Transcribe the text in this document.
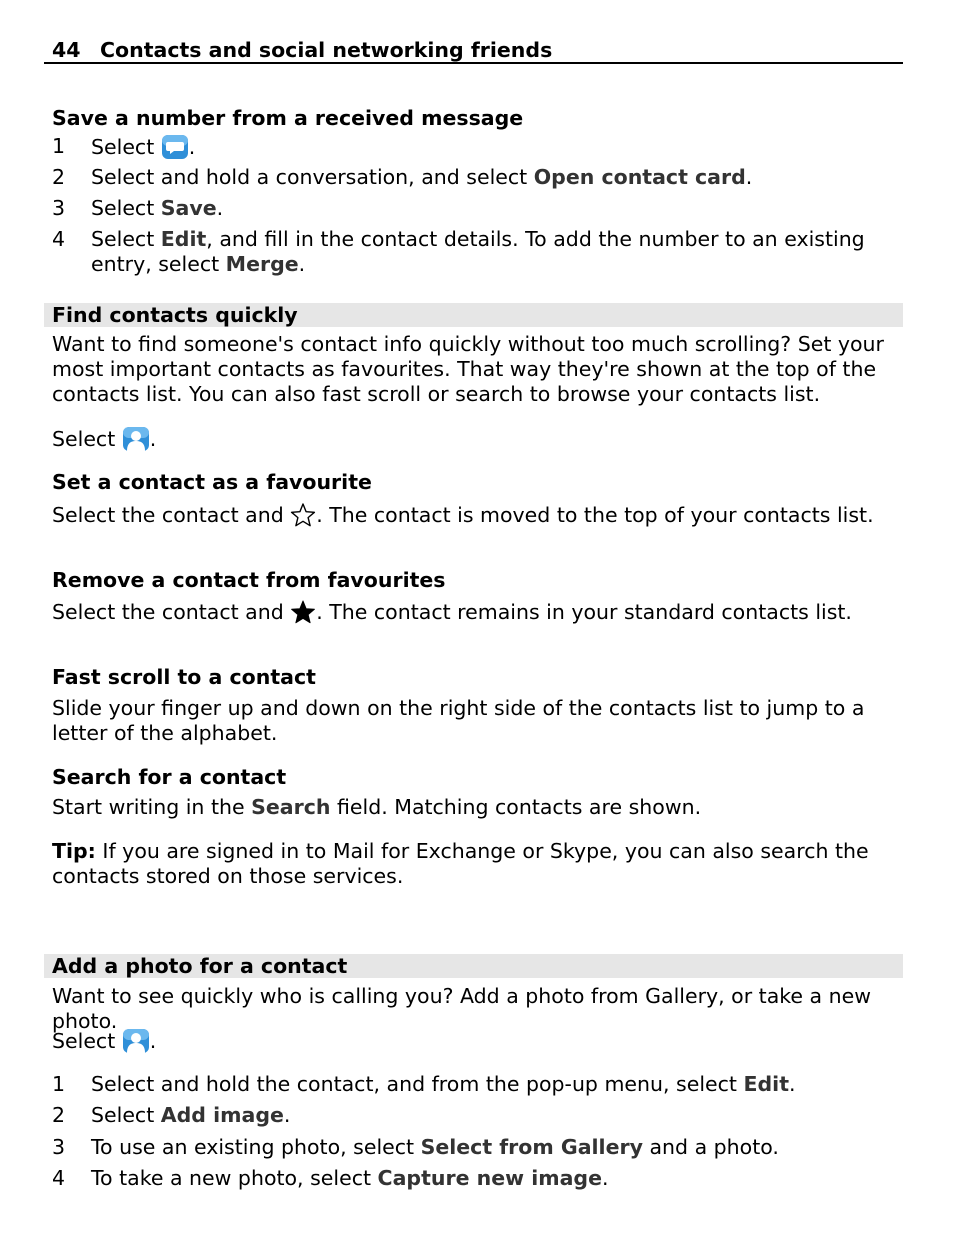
44 Contacts and social networking friends
Save a number from a received message
1 Select .
2 Select and hold a conversation, and select Open contact card.
3 Select Save.
4 Select Edit, and fill in the contact details. To add the number to an existing entry, select Merge.
Find contacts quickly
Want to find someone's contact info quickly without too much scrolling? Set your most important contacts as favourites. That way they're shown at the top of the contacts list. You can also fast scroll or search to browse your contacts list.
Select .
Set a contact as a favourite
Select the contact and . The contact is moved to the top of your contacts list.
Remove a contact from favourites
Select the contact and . The contact remains in your standard contacts list.
Fast scroll to a contact
Slide your finger up and down on the right side of the contacts list to jump to a letter of the alphabet.
Search for a contact
Start writing in the Search field. Matching contacts are shown.
Tip: If you are signed in to Mail for Exchange or Skype, you can also search the contacts stored on those services.
Add a photo for a contact
Want to see quickly who is calling you? Add a photo from Gallery, or take a new photo.
Select .
1 Select and hold the contact, and from the pop-up menu, select Edit.
2 Select Add image.
3 To use an existing photo, select Select from Gallery and a photo.
4 To take a new photo, select Capture new image.
